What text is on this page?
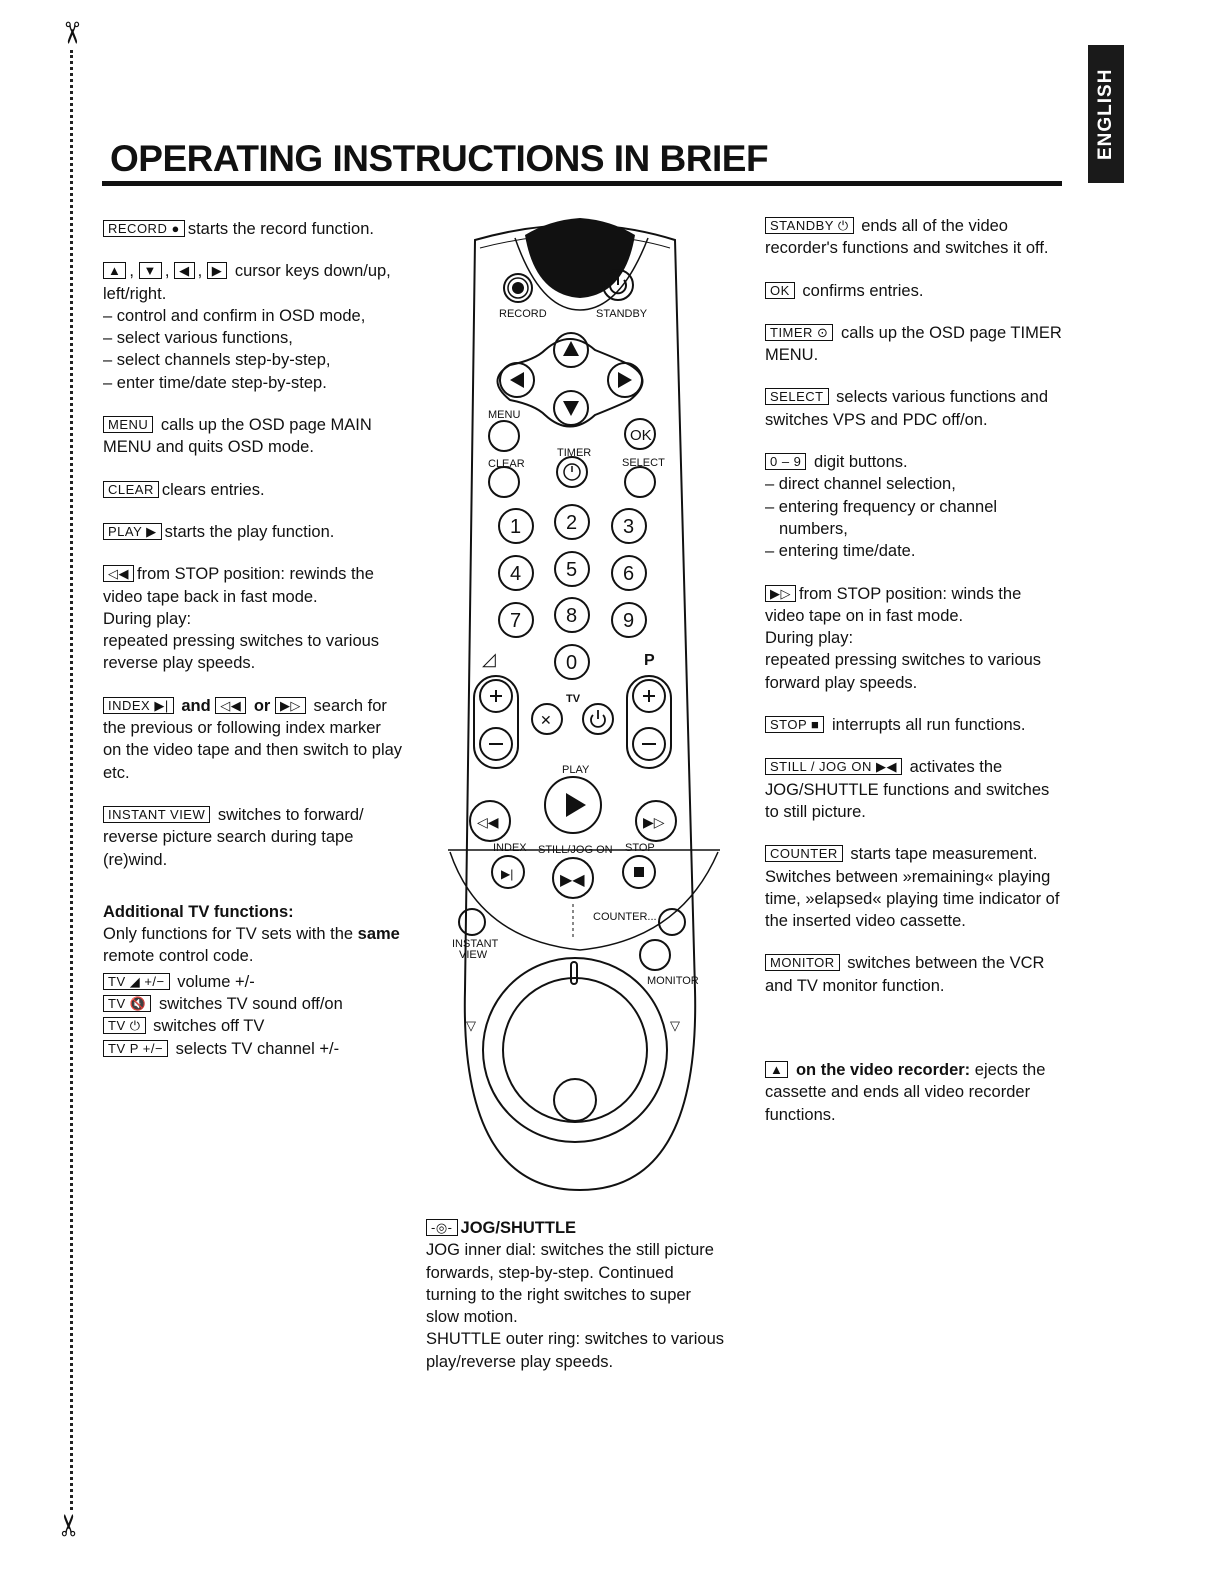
✂
✂
ENGLISH
OPERATING INSTRUCTIONS IN BRIEF
RECORD ● starts the record function.

▲ , ▼ , ◀ , ▶ cursor keys down/up, left/right.

– control and confirm in OSD mode,
– select various functions,
– select channels step-by-step,
– enter time/date step-by-step.
MENU calls up the OSD page MAIN MENU and quits OSD mode.
CLEAR clears entries.
PLAY ▶ starts the play function.

◁◀ from STOP position: rewinds the video tape back in fast mode.

During play:

repeated pressing switches to various reverse play speeds.

INDEX ▶| and ◁◀ or ▶▷ search for the previous or following index marker on the video tape and then switch to play etc.
INSTANT VIEW switches to forward/ reverse picture search during tape (re)wind.

Additional TV functions:

Only functions for TV sets with the same remote control code.

TV ◢ +/− volume +/-

TV 🔇 switches TV sound off/on

TV ⏻ switches off TV

TV P +/− selects TV channel +/-

RECORD	STANDBY
MENU
OK
TIMER
CLEAR	SELECT
1 2 3
4 5 6
7 8 9
0
◿	P
TV
✕
PLAY
◁◀	▶▷
INDEX STILL/JOG ON STOP
▶|	▶◀
COUNTER...
INSTANT
VIEW
MONITOR
▽	▽

-◎- JOG/SHUTTLE

JOG inner dial: switches the still picture forwards, step-by-step. Continued turning to the right switches to super slow motion.

SHUTTLE outer ring: switches to various play/reverse play speeds.

STANDBY ⏻ ends all of the video recorder's functions and switches it off.
OK confirms entries.
TIMER ⊙ calls up the OSD page TIMER MENU.
SELECT selects various functions and switches VPS and PDC off/on.

0 – 9 digit buttons.

– direct channel selection,
– entering frequency or channel numbers,
– entering time/date.

▶▷ from STOP position: winds the video tape on in fast mode.

During play:

repeated pressing switches to various forward play speeds.

STOP ■ interrupts all run functions.
STILL / JOG ON ▶◀ activates the JOG/SHUTTLE functions and switches to still picture.
COUNTER starts tape measurement. Switches between »remaining« playing time, »elapsed« playing time indicator of the inserted video cassette.
MONITOR switches between the VCR and TV monitor function.
▲ on the video recorder: ejects the cassette and ends all video recorder functions.
